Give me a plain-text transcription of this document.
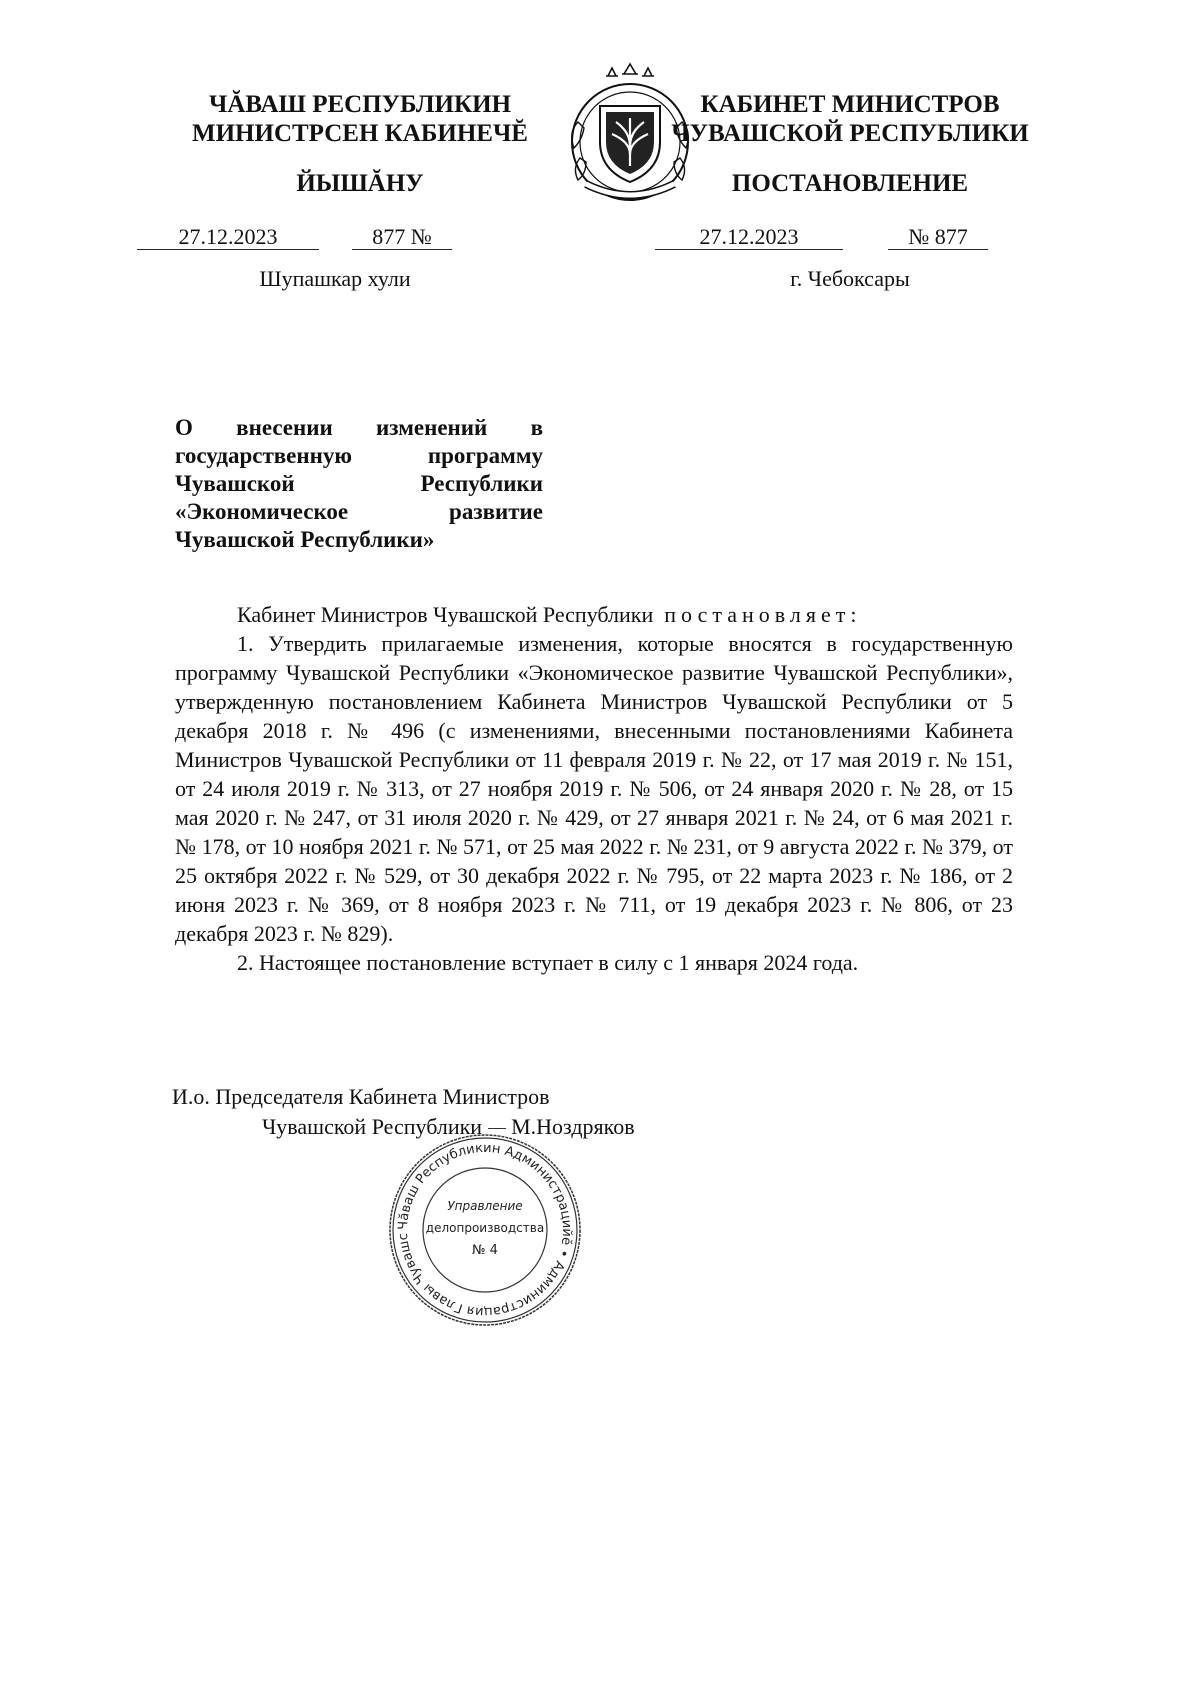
ЧĂВАШ РЕСПУБЛИКИН
МИНИСТРСЕН КАБИНЕЧĔ
ЙЫШĂНУ
КАБИНЕТ МИНИСТРОВ
ЧУВАШСКОЙ РЕСПУБЛИКИ
ПОСТАНОВЛЕНИЕ
27.12.2023	877 №	27.12.2023	№ 877
Шупашкар хули	г. Чебоксары
О внесении изменений в государственную программу Чувашской Республики «Экономическое развитие Чувашской Республики»

Кабинет Министров Чувашской Республики постановляет:

1. Утвердить прилагаемые изменения, которые вносятся в государственную программу Чувашской Республики «Экономическое развитие Чувашской Республики», утвержденную постановлением Кабинета Министров Чувашской Республики от 5 декабря 2018 г. № 496 (с изменениями, внесенными постановлениями Кабинета Министров Чувашской Республики от 11 февраля 2019 г. № 22, от 17 мая 2019 г. № 151, от 24 июля 2019 г. № 313, от 27 ноября 2019 г. № 506, от 24 января 2020 г. № 28, от 15 мая 2020 г. № 247, от 31 июля 2020 г. № 429, от 27 января 2021 г. № 24, от 6 мая 2021 г. № 178, от 10 ноября 2021 г. № 571, от 25 мая 2022 г. № 231, от 9 августа 2022 г. № 379, от 25 октября 2022 г. № 529, от 30 декабря 2022 г. № 795, от 22 марта 2023 г. № 186, от 2 июня 2023 г. № 369, от 8 ноября 2023 г. № 711, от 19 декабря 2023 г. № 806, от 23 декабря 2023 г. № 829).

2. Настоящее постановление вступает в силу с 1 января 2024 года.

И.о. Председателя Кабинета Министров
Чувашской Республики М.Ноздряков
Чăваш Республикин Администрацийĕ • Администрация Главы Чувашс
Управление
делопроизводства
№ 4
